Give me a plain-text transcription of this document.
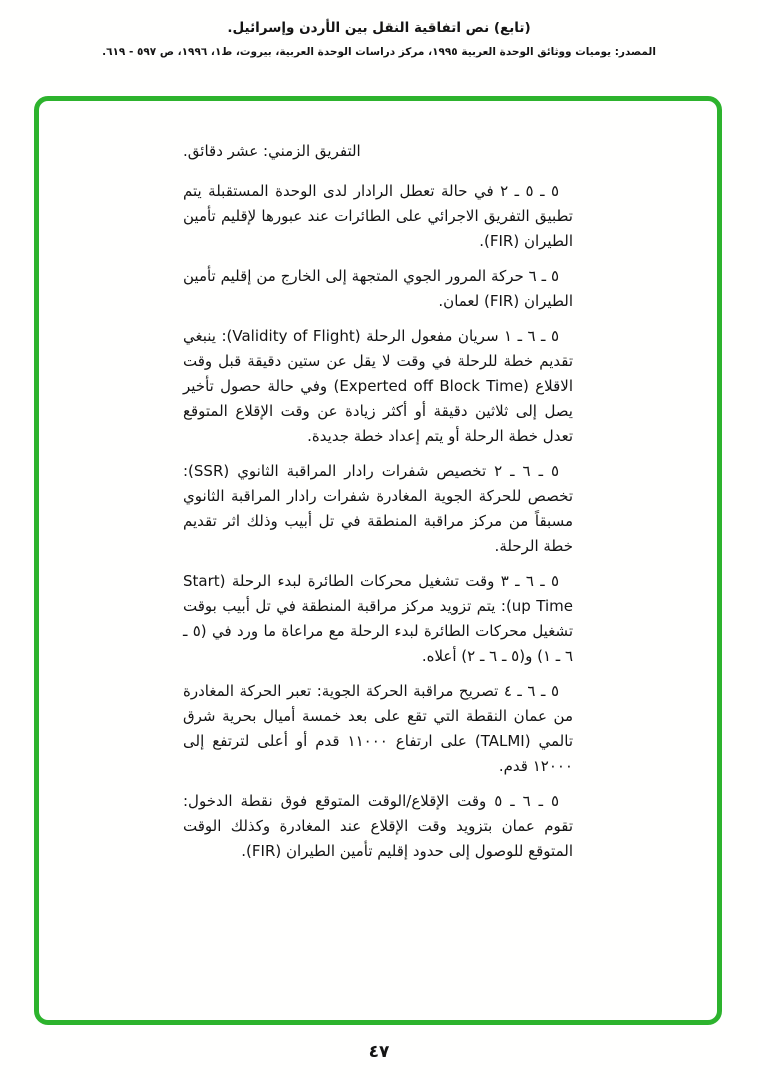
(تابع) نص اتفاقية النقل بين الأردن وإسرائيل.
المصدر: يوميات ووثائق الوحدة العربية ١٩٩٥، مركز دراسات الوحدة العربية، بيروت، ط١، ١٩٩٦، ص ٥٩٧ - ٦١٩.

التفريق الزمني: عشر دقائق.

٥ ـ ٥ ـ ٢ في حالة تعطل الرادار لدى الوحدة المستقبلة يتم تطبيق التفريق الاجرائي على الطائرات عند عبورها لإقليم تأمين الطيران (FIR).

٥ ـ ٦ حركة المرور الجوي المتجهة إلى الخارج من إقليم تأمين الطيران (FIR) لعمان.

٥ ـ ٦ ـ ١ سريان مفعول الرحلة (Validity of Flight): ينبغي تقديم خطة للرحلة في وقت لا يقل عن ستين دقيقة قبل وقت الاقلاع (Experted off Block Time) وفي حالة حصول تأخير يصل إلى ثلاثين دقيقة أو أكثر زيادة عن وقت الإقلاع المتوقع تعدل خطة الرحلة أو يتم إعداد خطة جديدة.

٥ ـ ٦ ـ ٢ تخصيص شفرات رادار المراقبة الثانوي (SSR): تخصص للحركة الجوية المغادرة شفرات رادار المراقبة الثانوي مسبقاً من مركز مراقبة المنطقة في تل أبيب وذلك اثر تقديم خطة الرحلة.

٥ ـ ٦ ـ ٣ وقت تشغيل محركات الطائرة لبدء الرحلة (Start up Time): يتم تزويد مركز مراقبة المنطقة في تل أبيب بوقت تشغيل محركات الطائرة لبدء الرحلة مع مراعاة ما ورد في (٥ ـ ٦ ـ ١) و(٥ ـ ٦ ـ ٢) أعلاه.

٥ ـ ٦ ـ ٤ تصريح مراقبة الحركة الجوية: تعبر الحركة المغادرة من عمان النقطة التي تقع على بعد خمسة أميال بحرية شرق تالمي (TALMI) على ارتفاع ١١٠٠٠ قدم أو أعلى لترتفع إلى ١٢٠٠٠ قدم.

٥ ـ ٦ ـ ٥ وقت الإقلاع/الوقت المتوقع فوق نقطة الدخول: تقوم عمان بتزويد وقت الإقلاع عند المغادرة وكذلك الوقت المتوقع للوصول إلى حدود إقليم تأمين الطيران (FIR).

٤٧
